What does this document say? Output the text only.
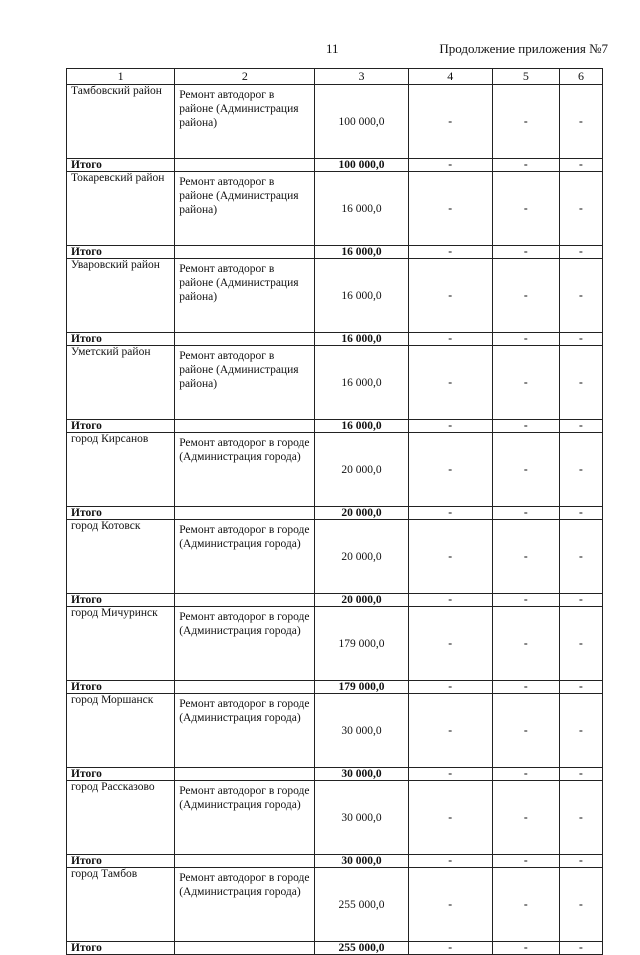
11	Продолжение приложения №7
1	2	3	4	5	6
Тамбовский район	Ремонт автодорог в районе (Администрация района)	100 000,0	-	-	-
Итого		100 000,0	-	-	-
Токаревский район	Ремонт автодорог в районе (Администрация района)	16 000,0	-	-	-
Итого		16 000,0	-	-	-
Уваровский район	Ремонт автодорог в районе (Администрация района)	16 000,0	-	-	-
Итого		16 000,0	-	-	-
Уметский район	Ремонт автодорог в районе (Администрация района)	16 000,0	-	-	-
Итого		16 000,0	-	-	-
город Кирсанов	Ремонт автодорог в городе (Администрация города)	20 000,0	-	-	-
Итого		20 000,0	-	-	-
город Котовск	Ремонт автодорог в городе (Администрация города)	20 000,0	-	-	-
Итого		20 000,0	-	-	-
город Мичуринск	Ремонт автодорог в городе (Администрация города)	179 000,0	-	-	-
Итого		179 000,0	-	-	-
город Моршанск	Ремонт автодорог в городе (Администрация города)	30 000,0	-	-	-
Итого		30 000,0	-	-	-
город Рассказово	Ремонт автодорог в городе (Администрация города)	30 000,0	-	-	-
Итого		30 000,0	-	-	-
город Тамбов	Ремонт автодорог в городе (Администрация города)	255 000,0	-	-	-
Итого		255 000,0	-	-	-
